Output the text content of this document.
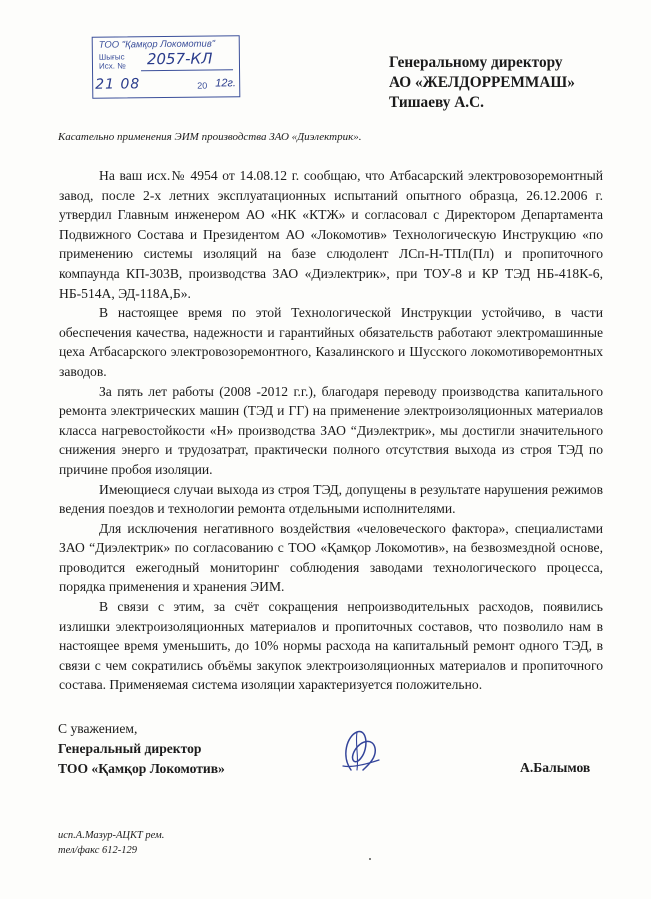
ТОО "Қамқор Локомотив"
Шығыс
Исх. № 2057-КЛ
21 08	20 12г.
Генеральному директору
АО «ЖЕЛДОРРЕММАШ»
Тишаеву А.С.
Касательно применения ЭИМ производства ЗАО «Диэлектрик».

На ваш исх.№ 4954 от 14.08.12 г. сообщаю, что Атбасарский электровозоремонтный завод, после 2-х летних эксплуатационных испытаний опытного образца, 26.12.2006 г. утвердил Главным инженером АО «НК «КТЖ» и согласовал с Директором Департамента Подвижного Состава и Президентом АО «Локомотив» Технологическую Инструкцию «по применению системы изоляций на базе слюдолент ЛСп-Н-ТПл(Пл) и пропиточного компаунда КП-303В, производства ЗАО «Диэлектрик», при ТОУ-8 и КР ТЭД НБ-418К-6, НБ-514А, ЭД-118А,Б».

В настоящее время по этой Технологической Инструкции устойчиво, в части обеспечения качества, надежности и гарантийных обязательств работают электромашинные цеха Атбасарского электровозоремонтного, Казалинского и Шусского локомотиворемонтных заводов.

За пять лет работы (2008 -2012 г.г.), благодаря переводу производства капитального ремонта электрических машин (ТЭД и ГГ) на применение электроизоляционных материалов класса нагревостойкости «Н» производства ЗАО “Диэлектрик», мы достигли значительного снижения энерго и трудозатрат, практически полного отсутствия выхода из строя ТЭД по причине пробоя изоляции.

Имеющиеся случаи выхода из строя ТЭД, допущены в результате нарушения режимов ведения поездов и технологии ремонта отдельными исполнителями.

Для исключения негативного воздействия «человеческого фактора», специалистами ЗАО “Диэлектрик» по согласованию с ТОО «Қамқор Локомотив», на безвозмездной основе, проводится ежегодный мониторинг соблюдения заводами технологического процесса, порядка применения и хранения ЭИМ.

В связи с этим, за счёт сокращения непроизводительных расходов, появились излишки электроизоляционных материалов и пропиточных составов, что позволило нам в настоящее время уменьшить, до 10% нормы расхода на капитальный ремонт одного ТЭД, в связи с чем сократились объёмы закупок электроизоляционных материалов и пропиточного состава. Применяемая система изоляции характеризуется положительно.

С уважением,
Генеральный директор
ТОО «Қамқор Локомотив»	А.Балымов
исп.А.Мазур-АЦКТ рем.
тел/факс 612-129
